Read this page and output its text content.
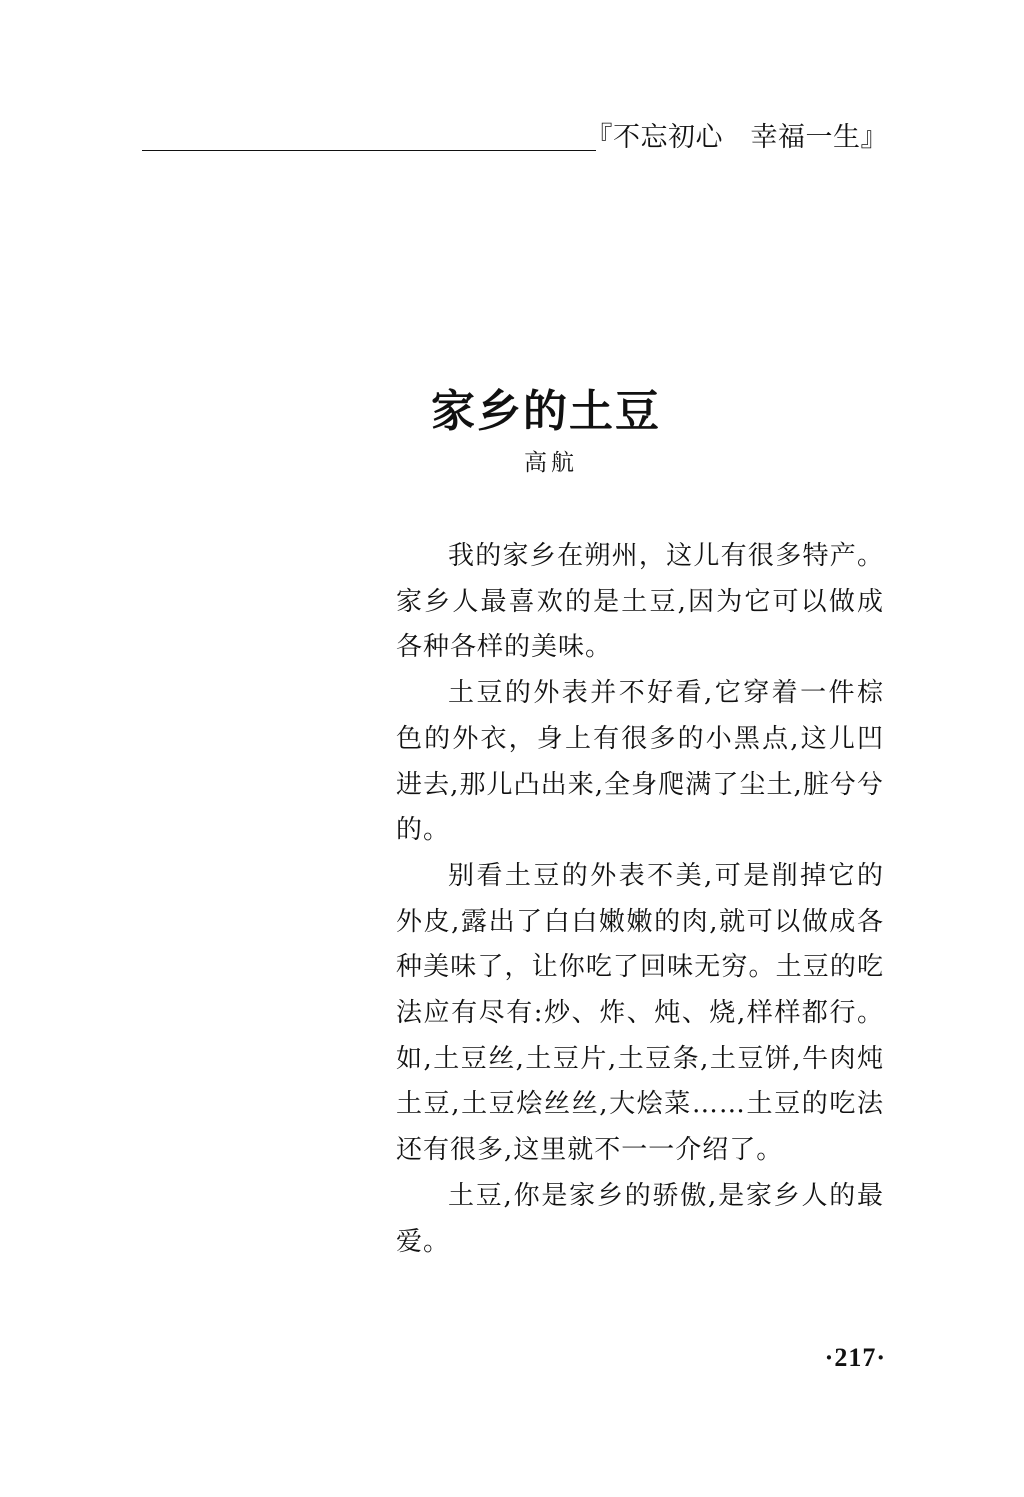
『不忘初心　幸福一生』
家乡的土豆
高航

我的家乡在朔州，这儿有很多特产。家乡人最喜欢的是土豆,因为它可以做成各种各样的美味。

土豆的外表并不好看,它穿着一件棕色的外衣，身上有很多的小黑点,这儿凹进去,那儿凸出来,全身爬满了尘土,脏兮兮的。

别看土豆的外表不美,可是削掉它的外皮,露出了白白嫩嫩的肉,就可以做成各种美味了，让你吃了回味无穷。土豆的吃法应有尽有:炒、炸、炖、烧,样样都行。如,土豆丝,土豆片,土豆条,土豆饼,牛肉炖土豆,土豆烩丝丝,大烩菜……土豆的吃法还有很多,这里就不一一介绍了。

土豆,你是家乡的骄傲,是家乡人的最爱。

·217·
